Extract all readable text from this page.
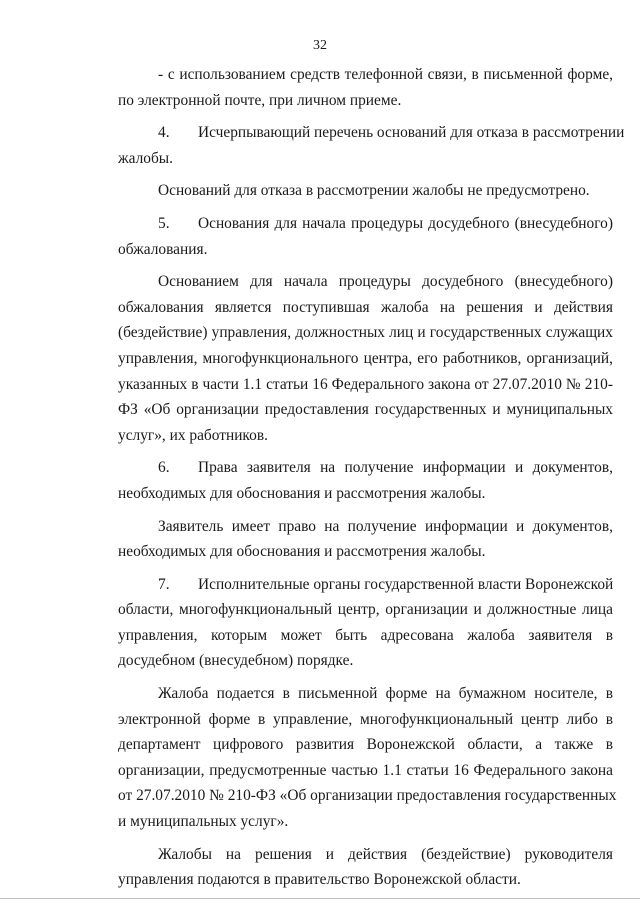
32
- с использованием средств телефонной связи, в письменной форме,
по электронной почте, при личном приеме.
4. Исчерпывающий перечень оснований для отказа в рассмотрении
жалобы.
Оснований для отказа в рассмотрении жалобы не предусмотрено.
5. Основания для начала процедуры досудебного (внесудебного)
обжалования.
Основанием для начала процедуры досудебного (внесудебного)
обжалования является поступившая жалоба на решения и действия
(бездействие) управления, должностных лиц и государственных служащих
управления, многофункционального центра, его работников, организаций,
указанных в части 1.1 статьи 16 Федерального закона от 27.07.2010 № 210-
ФЗ «Об организации предоставления государственных и муниципальных
услуг», их работников.
6. Права заявителя на получение информации и документов,
необходимых для обоснования и рассмотрения жалобы.
Заявитель имеет право на получение информации и документов,
необходимых для обоснования и рассмотрения жалобы.
7. Исполнительные органы государственной власти Воронежской
области, многофункциональный центр, организации и должностные лица
управления, которым может быть адресована жалоба заявителя в
досудебном (внесудебном) порядке.
Жалоба подается в письменной форме на бумажном носителе, в
электронной форме в управление, многофункциональный центр либо в
департамент цифрового развития Воронежской области, а также в
организации, предусмотренные частью 1.1 статьи 16 Федерального закона
от 27.07.2010 № 210-ФЗ «Об организации предоставления государственных
и муниципальных услуг».
Жалобы на решения и действия (бездействие) руководителя
управления подаются в правительство Воронежской области.
